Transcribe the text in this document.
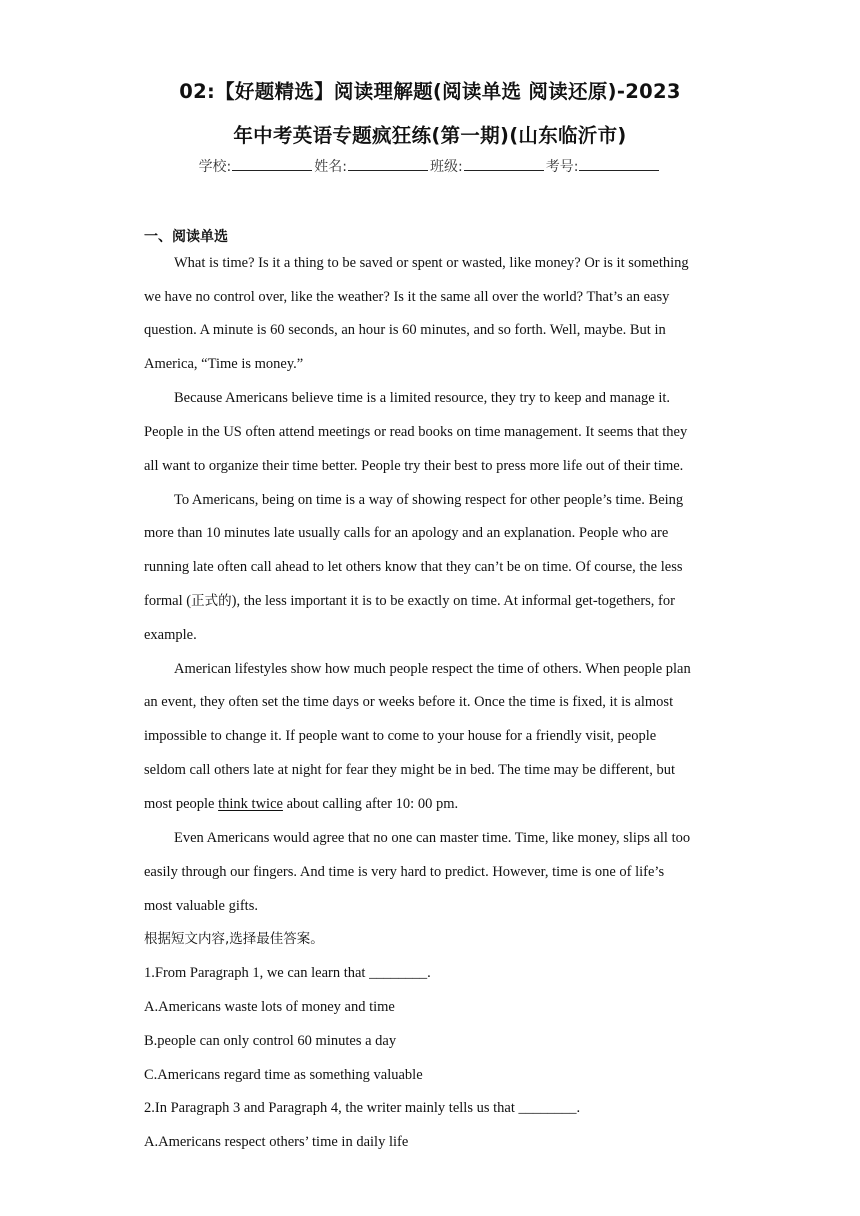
02:【好题精选】阅读理解题(阅读单选 阅读还原)-2023
年中考英语专题疯狂练(第一期)(山东临沂市)
学校:	姓名:	班级:	考号:
一、阅读单选
What is time? Is it a thing to be saved or spent or wasted, like money? Or is it something
we have no control over, like the weather? Is it the same all over the world? That’s an easy
question. A minute is 60 seconds, an hour is 60 minutes, and so forth. Well, maybe. But in
America, “Time is money.”
Because Americans believe time is a limited resource, they try to keep and manage it.
People in the US often attend meetings or read books on time management. It seems that they
all want to organize their time better. People try their best to press more life out of their time.
To Americans, being on time is a way of showing respect for other people’s time. Being
more than 10 minutes late usually calls for an apology and an explanation. People who are
running late often call ahead to let others know that they can’t be on time. Of course, the less
formal (正式的), the less important it is to be exactly on time. At informal get-togethers, for
example.
American lifestyles show how much people respect the time of others. When people plan
an event, they often set the time days or weeks before it. Once the time is fixed, it is almost
impossible to change it. If people want to come to your house for a friendly visit, people
seldom call others late at night for fear they might be in bed. The time may be different, but
most people think twice about calling after 10: 00 pm.
Even Americans would agree that no one can master time. Time, like money, slips all too
easily through our fingers. And time is very hard to predict. However, time is one of life’s
most valuable gifts.
根据短文内容,选择最佳答案。
1.From Paragraph 1, we can learn that ________.
A.Americans waste lots of money and time
B.people can only control 60 minutes a day
C.Americans regard time as something valuable
2.In Paragraph 3 and Paragraph 4, the writer mainly tells us that ________.
A.Americans respect others’ time in daily life
